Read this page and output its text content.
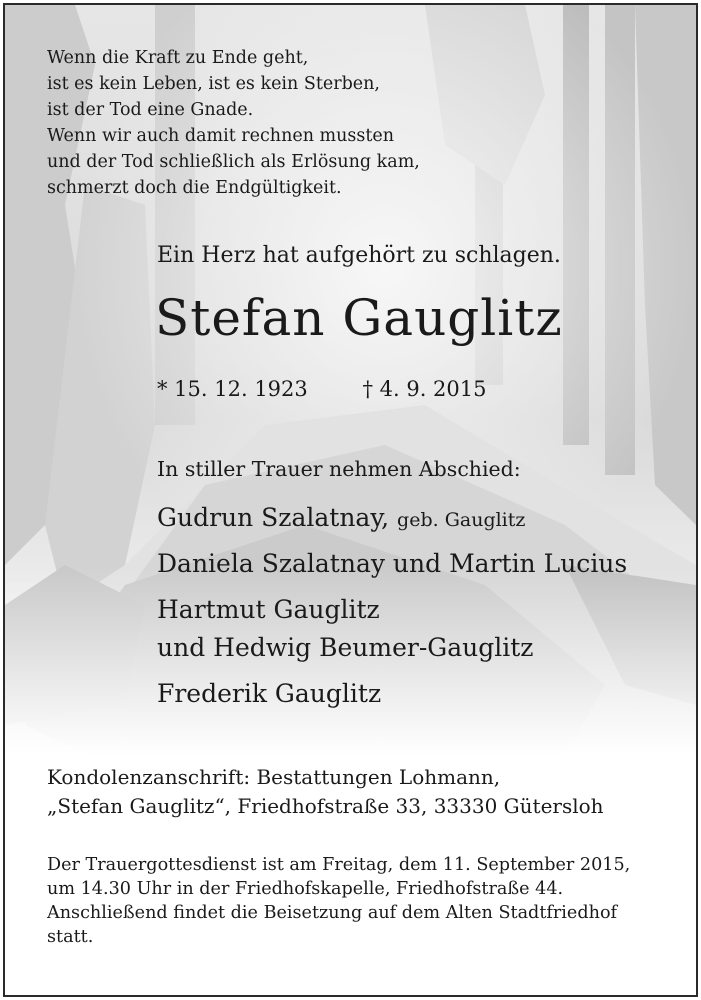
Wenn die Kraft zu Ende geht,
ist es kein Leben, ist es kein Sterben,
ist der Tod eine Gnade.
Wenn wir auch damit rechnen mussten
und der Tod schließlich als Erlösung kam,
schmerzt doch die Endgültigkeit.
Ein Herz hat aufgehört zu schlagen.
Stefan Gauglitz
* 15. 12. 1923	† 4. 9. 2015
In stiller Trauer nehmen Abschied:
Gudrun Szalatnay, geb. Gauglitz
Daniela Szalatnay und Martin Lucius
Hartmut Gauglitz
und Hedwig Beumer-Gauglitz
Frederik Gauglitz
Kondolenzanschrift: Bestattungen Lohmann,
„Stefan Gauglitz“, Friedhofstraße 33, 33330 Gütersloh
Der Trauergottesdienst ist am Freitag, dem 11. September 2015,
um 14.30 Uhr in der Friedhofskapelle, Friedhofstraße 44.
Anschließend findet die Beisetzung auf dem Alten Stadtfriedhof
statt.
